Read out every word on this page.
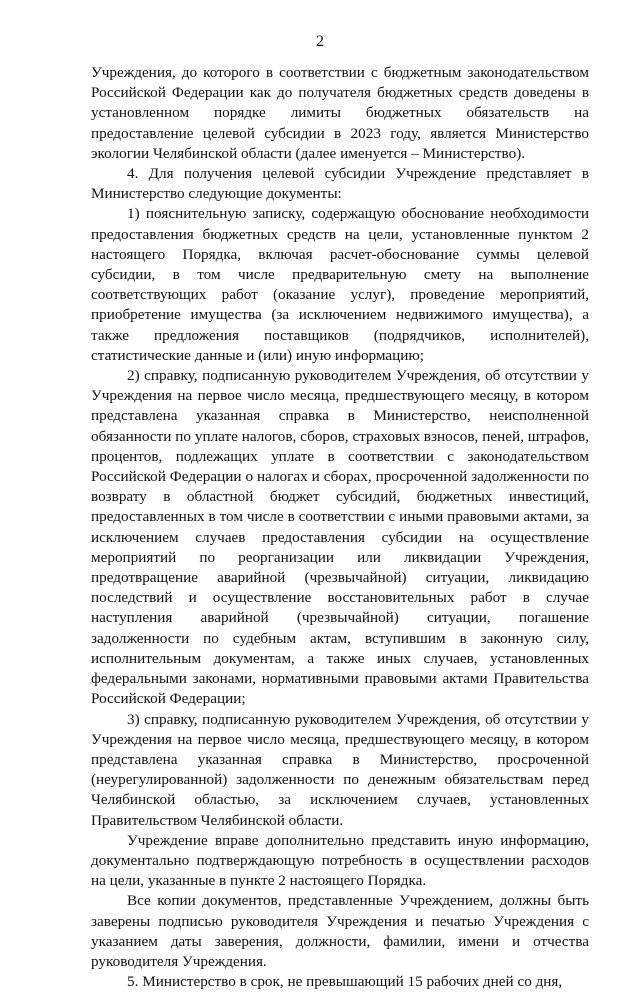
2

Учреждения, до которого в соответствии с бюджетным законодательством Российской Федерации как до получателя бюджетных средств доведены в установленном порядке лимиты бюджетных обязательств на предоставление целевой субсидии в 2023 году, является Министерство экологии Челябинской области (далее именуется – Министерство).

4. Для получения целевой субсидии Учреждение представляет в Министерство следующие документы:

1) пояснительную записку, содержащую обоснование необходимости предоставления бюджетных средств на цели, установленные пунктом 2 настоящего Порядка, включая расчет-обоснование суммы целевой субсидии, в том числе предварительную смету на выполнение соответствующих работ (оказание услуг), проведение мероприятий, приобретение имущества (за исключением недвижимого имущества), а также предложения поставщиков (подрядчиков, исполнителей), статистические данные и (или) иную информацию;

2) справку, подписанную руководителем Учреждения, об отсутствии у Учреждения на первое число месяца, предшествующего месяцу, в котором представлена указанная справка в Министерство, неисполненной обязанности по уплате налогов, сборов, страховых взносов, пеней, штрафов, процентов, подлежащих уплате в соответствии с законодательством Российской Федерации о налогах и сборах, просроченной задолженности по возврату в областной бюджет субсидий, бюджетных инвестиций, предоставленных в том числе в соответствии с иными правовыми актами, за исключением случаев предоставления субсидии на осуществление мероприятий по реорганизации или ликвидации Учреждения, предотвращение аварийной (чрезвычайной) ситуации, ликвидацию последствий и осуществление восстановительных работ в случае наступления аварийной (чрезвычайной) ситуации, погашение задолженности по судебным актам, вступившим в законную силу, исполнительным документам, а также иных случаев, установленных федеральными законами, нормативными правовыми актами Правительства Российской Федерации;

3) справку, подписанную руководителем Учреждения, об отсутствии у Учреждения на первое число месяца, предшествующего месяцу, в котором представлена указанная справка в Министерство, просроченной (неурегулированной) задолженности по денежным обязательствам перед Челябинской областью, за исключением случаев, установленных Правительством Челябинской области.

Учреждение вправе дополнительно представить иную информацию, документально подтверждающую потребность в осуществлении расходов на цели, указанные в пункте 2 настоящего Порядка.

Все копии документов, представленные Учреждением, должны быть заверены подписью руководителя Учреждения и печатью Учреждения с указанием даты заверения, должности, фамилии, имени и отчества руководителя Учреждения.

5. Министерство в срок, не превышающий 15 рабочих дней со дня,
